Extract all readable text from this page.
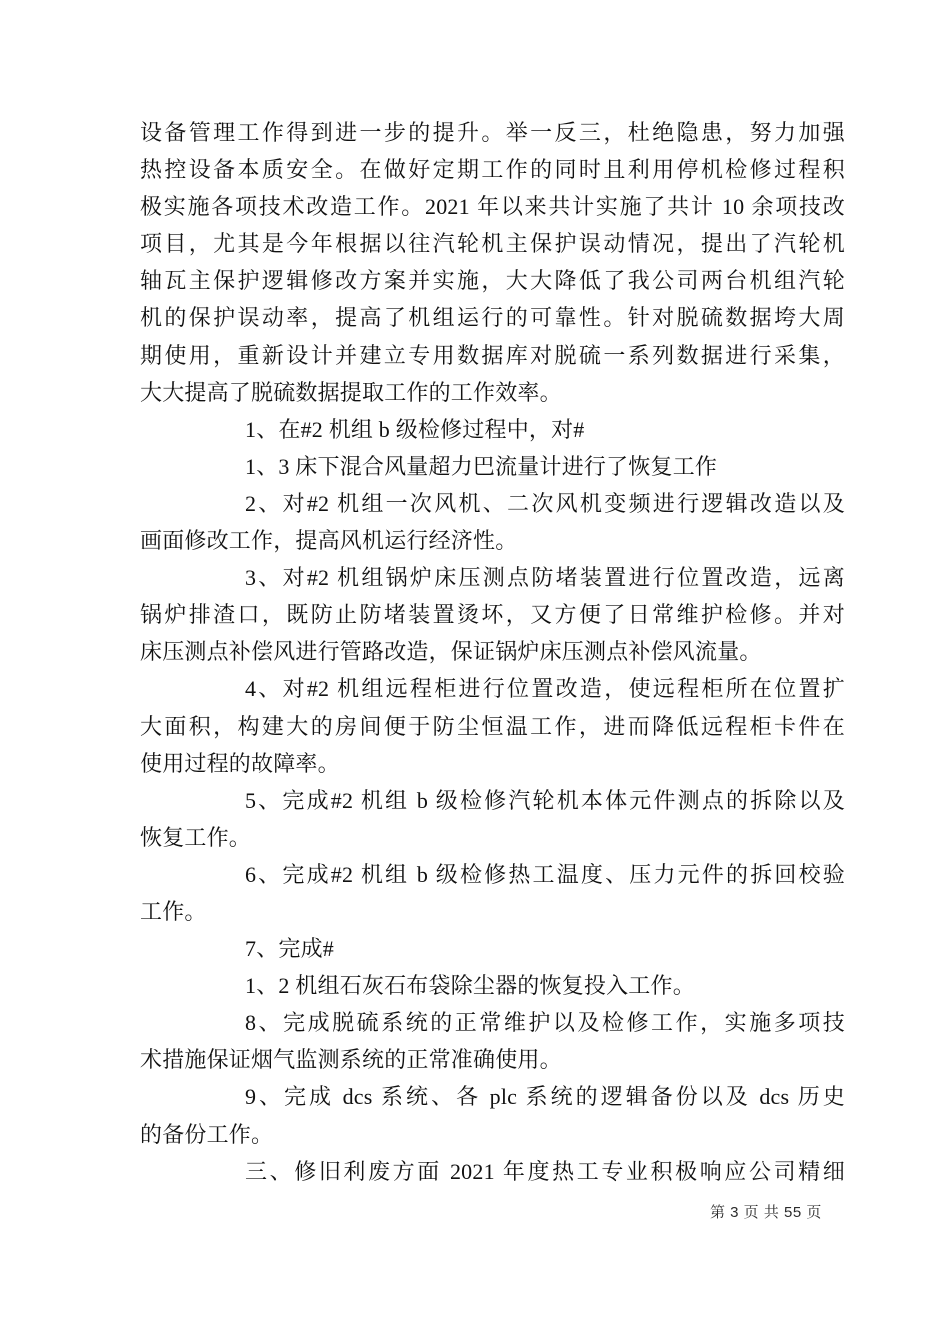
设备管理工作得到进一步的提升。举一反三，杜绝隐患，努力加强
热控设备本质安全。在做好定期工作的同时且利用停机检修过程积
极实施各项技术改造工作。2021 年以来共计实施了共计 10 余项技改
项目，尤其是今年根据以往汽轮机主保护误动情况，提出了汽轮机
轴瓦主保护逻辑修改方案并实施，大大降低了我公司两台机组汽轮
机的保护误动率，提高了机组运行的可靠性。针对脱硫数据垮大周
期使用，重新设计并建立专用数据库对脱硫一系列数据进行采集，
大大提高了脱硫数据提取工作的工作效率。
1、在#2 机组 b 级检修过程中，对#
1、3 床下混合风量超力巴流量计进行了恢复工作
2、对#2 机组一次风机、二次风机变频进行逻辑改造以及
画面修改工作，提高风机运行经济性。
3、对#2 机组锅炉床压测点防堵装置进行位置改造，远离
锅炉排渣口，既防止防堵装置烫坏，又方便了日常维护检修。并对
床压测点补偿风进行管路改造，保证锅炉床压测点补偿风流量。
4、对#2 机组远程柜进行位置改造，使远程柜所在位置扩
大面积，构建大的房间便于防尘恒温工作，进而降低远程柜卡件在
使用过程的故障率。
5、完成#2 机组 b 级检修汽轮机本体元件测点的拆除以及
恢复工作。
6、完成#2 机组 b 级检修热工温度、压力元件的拆回校验
工作。
7、完成#
1、2 机组石灰石布袋除尘器的恢复投入工作。
8、完成脱硫系统的正常维护以及检修工作，实施多项技
术措施保证烟气监测系统的正常准确使用。
9、完成 dcs 系统、各 plc 系统的逻辑备份以及 dcs 历史
的备份工作。
三、修旧利废方面 2021 年度热工专业积极响应公司精细
第 3 页 共 55 页
